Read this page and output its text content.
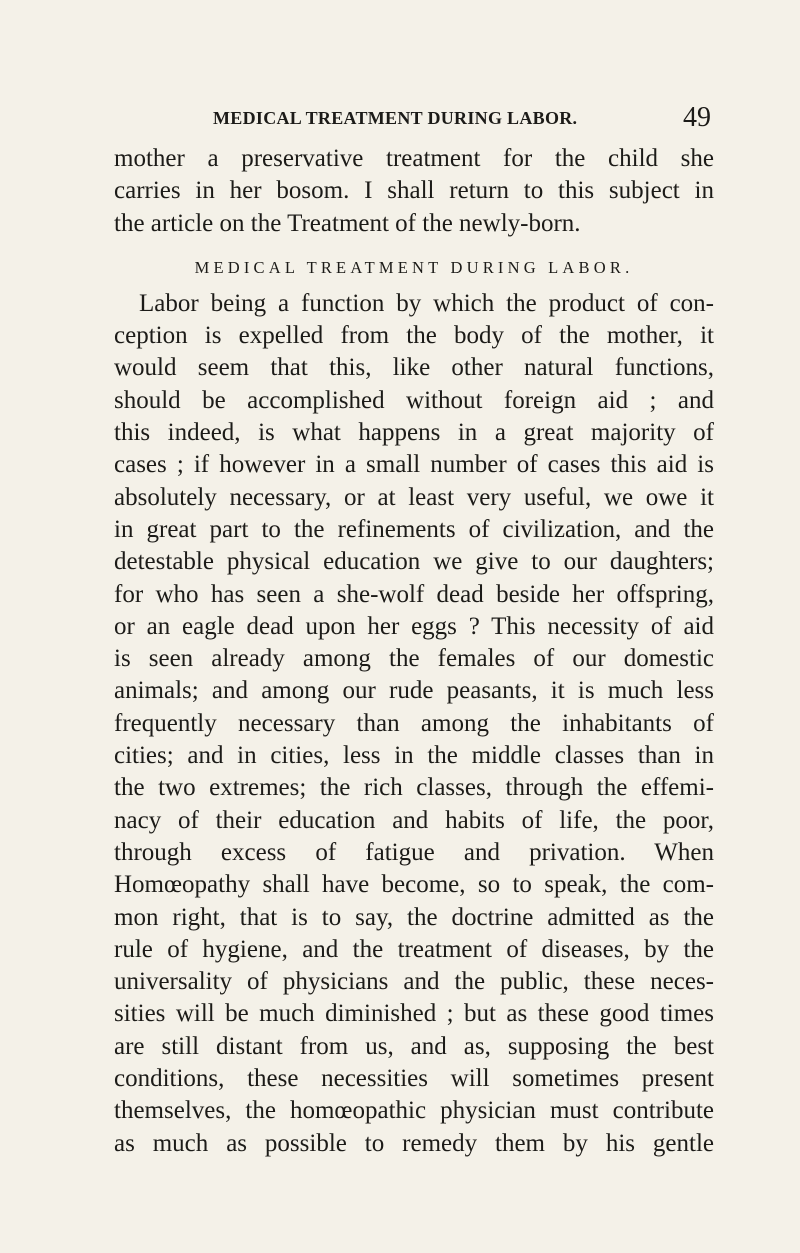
MEDICAL TREATMENT DURING LABOR.	49
mother a preservative treatment for the child she
carries in her bosom. I shall return to this subject in
the article on the Treatment of the newly-born.
MEDICAL TREATMENT DURING LABOR.
Labor being a function by which the product of con-
ception is expelled from the body of the mother, it
would seem that this, like other natural functions,
should be accomplished without foreign aid ; and
this indeed, is what happens in a great majority of
cases ; if however in a small number of cases this aid is
absolutely necessary, or at least very useful, we owe it
in great part to the refinements of civilization, and the
detestable physical education we give to our daughters;
for who has seen a she-wolf dead beside her offspring,
or an eagle dead upon her eggs ? This necessity of aid
is seen already among the females of our domestic
animals; and among our rude peasants, it is much less
frequently necessary than among the inhabitants of
cities; and in cities, less in the middle classes than in
the two extremes; the rich classes, through the effemi-
nacy of their education and habits of life, the poor,
through excess of fatigue and privation. When
Homœopathy shall have become, so to speak, the com-
mon right, that is to say, the doctrine admitted as the
rule of hygiene, and the treatment of diseases, by the
universality of physicians and the public, these neces-
sities will be much diminished ; but as these good times
are still distant from us, and as, supposing the best
conditions, these necessities will sometimes present
themselves, the homœopathic physician must contribute
as much as possible to remedy them by his gentle
